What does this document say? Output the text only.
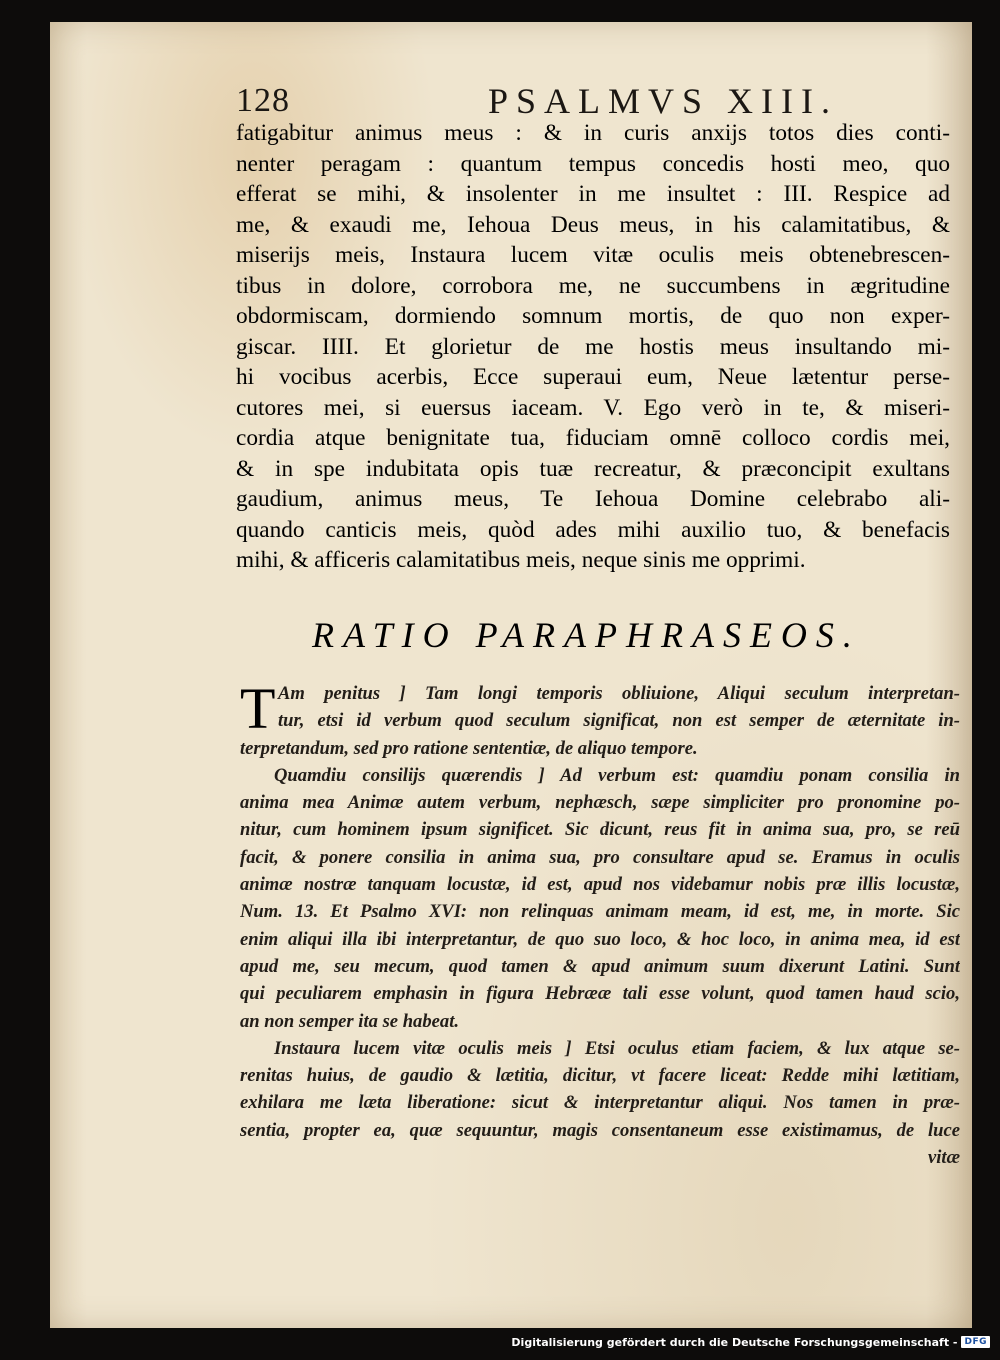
128	PSALMVS XIII.
fatigabitur animus meus : & in curis anxijs totos dies conti-
nenter peragam : quantum tempus concedis hosti meo, quo
efferat se mihi, & insolenter in me insultet : III. Respice ad
me, & exaudi me, Iehoua Deus meus, in his calamitatibus, &
miserijs meis, Instaura lucem vitæ oculis meis obtenebrescen-
tibus in dolore, corrobora me, ne succumbens in ægritudine
obdormiscam, dormiendo somnum mortis, de quo non exper-
giscar. IIII. Et glorietur de me hostis meus insultando mi-
hi vocibus acerbis, Ecce superaui eum, Neue lætentur perse-
cutores mei, si euersus iaceam. V. Ego verò in te, & miseri-
cordia atque benignitate tua, fiduciam omnē colloco cordis mei,
& in spe indubitata opis tuæ recreatur, & præconcipit exultans
gaudium, animus meus, Te Iehoua Domine celebrabo ali-
quando canticis meis, quòd ades mihi auxilio tuo, & benefacis
mihi, & afficeris calamitatibus meis, neque sinis me opprimi.
RATIO PARAPHRASEOS.
T Am penitus ] Tam longi temporis obliuione, Aliqui seculum interpretan-
tur, etsi id verbum quod seculum significat, non est semper de æternitate in-
terpretandum, sed pro ratione sententiæ, de aliquo tempore.
Quamdiu consilijs quærendis ] Ad verbum est: quamdiu ponam consilia in
anima mea Animæ autem verbum, nephæsch, sæpe simpliciter pro pronomine po-
nitur, cum hominem ipsum significet. Sic dicunt, reus fit in anima sua, pro, se reū
facit, & ponere consilia in anima sua, pro consultare apud se. Eramus in oculis
animæ nostræ tanquam locustæ, id est, apud nos videbamur nobis præ illis locustæ,
Num. 13. Et Psalmo XVI: non relinquas animam meam, id est, me, in morte. Sic
enim aliqui illa ibi interpretantur, de quo suo loco, & hoc loco, in anima mea, id est
apud me, seu mecum, quod tamen & apud animum suum dixerunt Latini. Sunt
qui peculiarem emphasin in figura Hebrææ tali esse volunt, quod tamen haud scio,
an non semper ita se habeat.
Instaura lucem vitæ oculis meis ] Etsi oculus etiam faciem, & lux atque se-
renitas huius, de gaudio & lætitia, dicitur, vt facere liceat: Redde mihi lætitiam,
exhilara me læta liberatione: sicut & interpretantur aliqui. Nos tamen in præ-
sentia, propter ea, quæ sequuntur, magis consentaneum esse existimamus, de luce
vitæ
Digitalisierung gefördert durch die Deutsche Forschungsgemeinschaft - DFG
